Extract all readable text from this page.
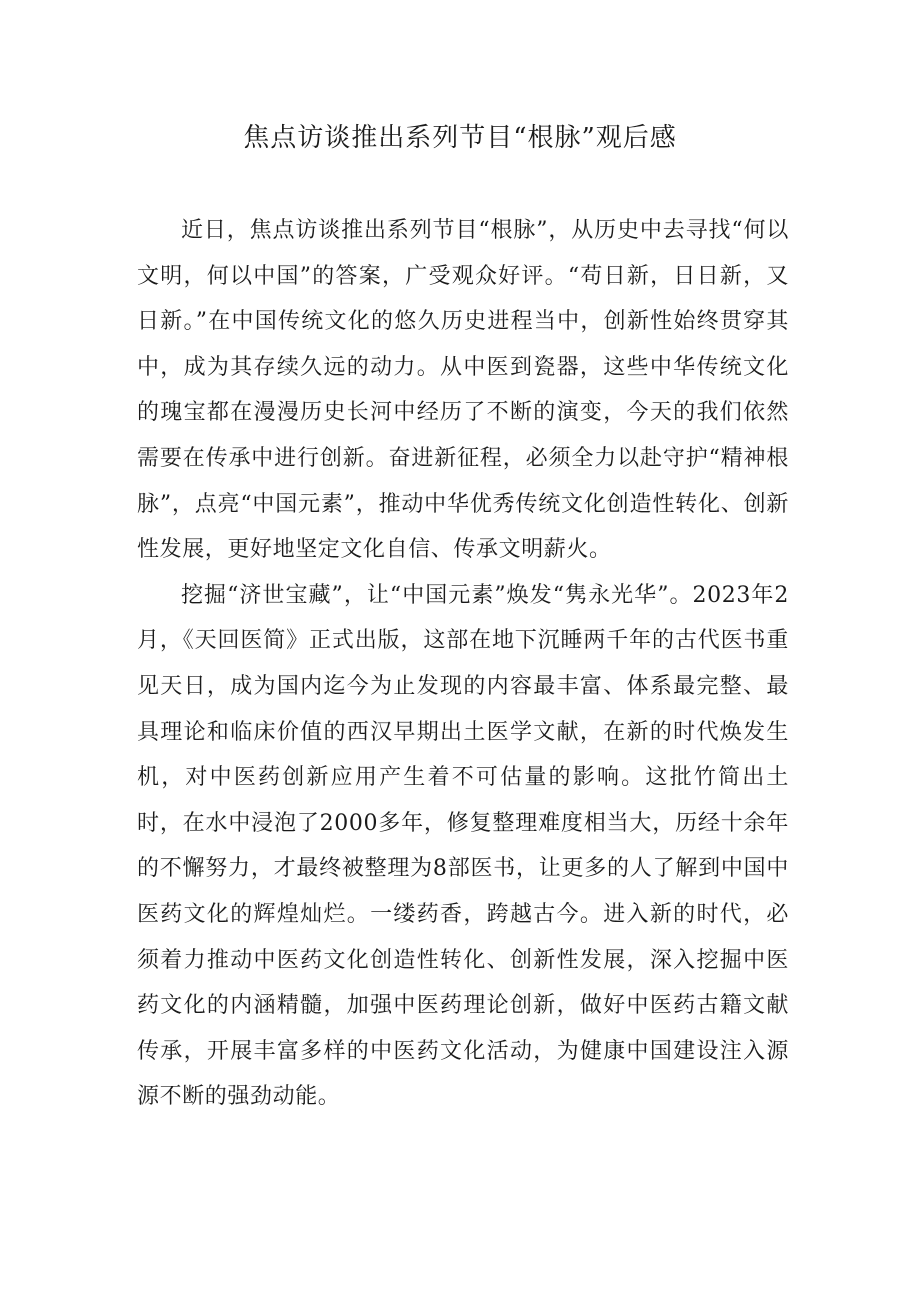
焦点访谈推出系列节目“根脉”观后感

近日，焦点访谈推出系列节目“根脉”，从历史中去寻找“何以文明，何以中国”的答案，广受观众好评。“苟日新，日日新，又日新。”在中国传统文化的悠久历史进程当中，创新性始终贯穿其中，成为其存续久远的动力。从中医到瓷器，这些中华传统文化的瑰宝都在漫漫历史长河中经历了不断的演变，今天的我们依然需要在传承中进行创新。奋进新征程，必须全力以赴守护“精神根脉”，点亮“中国元素”，推动中华优秀传统文化创造性转化、创新性发展，更好地坚定文化自信、传承文明薪火。

挖掘“济世宝藏”，让“中国元素”焕发“隽永光华”。2023年2月，《天回医简》正式出版，这部在地下沉睡两千年的古代医书重见天日，成为国内迄今为止发现的内容最丰富、体系最完整、最具理论和临床价值的西汉早期出土医学文献，在新的时代焕发生机，对中医药创新应用产生着不可估量的影响。这批竹简出土时，在水中浸泡了2000多年，修复整理难度相当大，历经十余年的不懈努力，才最终被整理为8部医书，让更多的人了解到中国中医药文化的辉煌灿烂。一缕药香，跨越古今。进入新的时代，必须着力推动中医药文化创造性转化、创新性发展，深入挖掘中医药文化的内涵精髓，加强中医药理论创新，做好中医药古籍文献传承，开展丰富多样的中医药文化活动，为健康中国建设注入源源不断的强劲动能。
